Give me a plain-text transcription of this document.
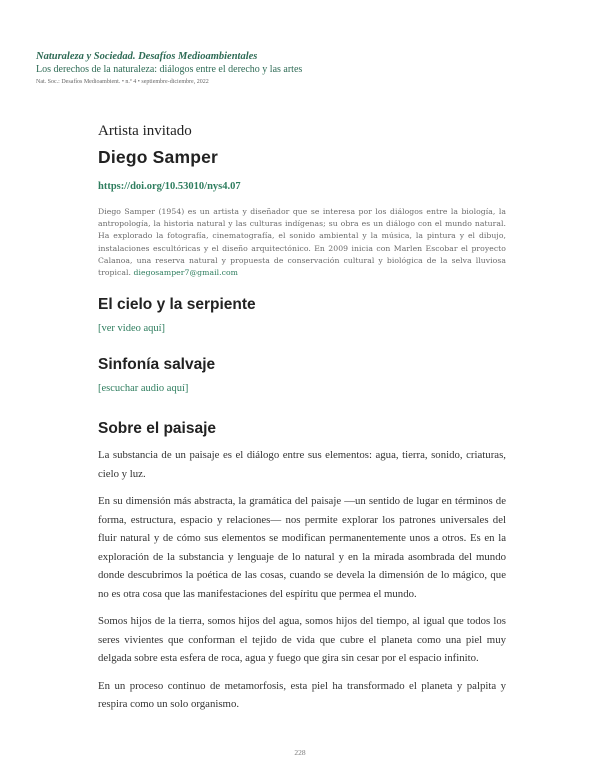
Naturaleza y Sociedad. Desafíos Medioambientales
Los derechos de la naturaleza: diálogos entre el derecho y las artes
Nat. Soc.: Desafíos Medioambient. • n.º 4 • septiembre-diciembre, 2022
Artista invitado
Diego Samper
https://doi.org/10.53010/nys4.07
Diego Samper (1954) es un artista y diseñador que se interesa por los diálogos entre la biología, la antropología, la historia natural y las culturas indígenas; su obra es un diálogo con el mundo natural. Ha explorado la fotografía, cinematografía, el sonido ambiental y la música, la pintura y el dibujo, instalaciones escultóricas y el diseño arquitectónico. En 2009 inicia con Marlen Escobar el proyecto Calanoa, una reserva natural y propuesta de conservación cultural y biológica de la selva lluviosa tropical. diegosamper7@gmail.com
El cielo y la serpiente
[ver video aquí]
Sinfonía salvaje
[escuchar audio aquí]
Sobre el paisaje

La substancia de un paisaje es el diálogo entre sus elementos: agua, tierra, sonido, criaturas, cielo y luz.

En su dimensión más abstracta, la gramática del paisaje —un sentido de lugar en términos de forma, estructura, espacio y relaciones— nos permite explorar los patrones universales del fluir natural y de cómo sus elementos se modifican permanentemente unos a otros. Es en la exploración de la substancia y lenguaje de lo natural y en la mirada asombrada del mundo donde descubrimos la poética de las cosas, cuando se devela la dimensión de lo mágico, que no es otra cosa que las manifestaciones del espíritu que permea el mundo.

Somos hijos de la tierra, somos hijos del agua, somos hijos del tiempo, al igual que todos los seres vivientes que conforman el tejido de vida que cubre el planeta como una piel muy delgada sobre esta esfera de roca, agua y fuego que gira sin cesar por el espacio infinito.

En un proceso continuo de metamorfosis, esta piel ha transformado el planeta y palpita y respira como un solo organismo.

228
